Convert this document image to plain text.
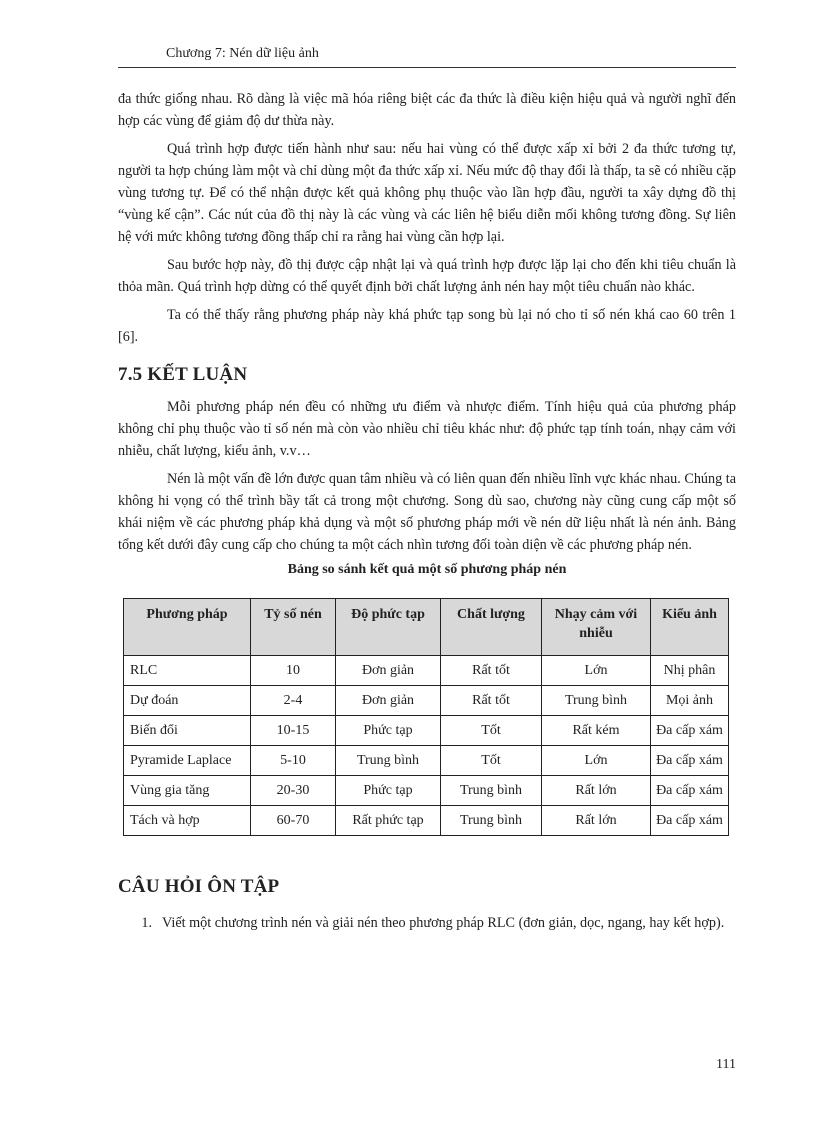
Chương 7: Nén dữ liệu ảnh

đa thức giống nhau. Rõ dàng là việc mã hóa riêng biệt các đa thức là điều kiện hiệu quả và người nghĩ đến hợp các vùng để giảm độ dư thừa này.

Quá trình hợp được tiến hành như sau: nếu hai vùng có thể được xấp xỉ bởi 2 đa thức tương tự, người ta hợp chúng làm một và chỉ dùng một đa thức xấp xỉ. Nếu mức độ thay đổi là thấp, ta sẽ có nhiều cặp vùng tương tự. Để có thể nhận được kết quả không phụ thuộc vào lần hợp đầu, người ta xây dựng đồ thị “vùng kế cận”. Các nút của đồ thị này là các vùng và các liên hệ biểu diễn mối không tương đồng. Sự liên hệ với mức không tương đồng thấp chỉ ra rằng hai vùng cần hợp lại.

Sau bước hợp này, đồ thị được cập nhật lại và quá trình hợp được lặp lại cho đến khi tiêu chuẩn là thỏa mãn. Quá trình hợp dừng có thể quyết định bởi chất lượng ảnh nén hay một tiêu chuẩn nào khác.

Ta có thể thấy rằng phương pháp này khá phức tạp song bù lại nó cho tỉ số nén khá cao 60 trên 1 [6].

7.5 KẾT LUẬN

Mỗi phương pháp nén đều có những ưu điểm và nhược điểm. Tính hiệu quả của phương pháp không chỉ phụ thuộc vào tỉ số nén mà còn vào nhiều chỉ tiêu khác như: độ phức tạp tính toán, nhạy cảm với nhiễu, chất lượng, kiểu ảnh, v.v…

Nén là một vấn đề lớn được quan tâm nhiều và có liên quan đến nhiều lĩnh vực khác nhau. Chúng ta không hi vọng có thể trình bầy tất cả trong một chương. Song dù sao, chương này cũng cung cấp một số khái niệm về các phương pháp khả dụng và một số phương pháp mới về nén dữ liệu nhất là nén ảnh. Bảng tổng kết dưới đây cung cấp cho chúng ta một cách nhìn tương đối toàn diện về các phương pháp nén.

Bảng so sánh kết quả một số phương pháp nén
Phương pháp	Tỷ số nén	Độ phức tạp	Chất lượng	Nhạy cảm với nhiễu	Kiểu ảnh
RLC	10	Đơn giản	Rất tốt	Lớn	Nhị phân
Dự đoán	2-4	Đơn giản	Rất tốt	Trung bình	Mọi ảnh
Biến đổi	10-15	Phức tạp	Tốt	Rất kém	Đa cấp xám
Pyramide Laplace	5-10	Trung bình	Tốt	Lớn	Đa cấp xám
Vùng gia tăng	20-30	Phức tạp	Trung bình	Rất lớn	Đa cấp xám
Tách và hợp	60-70	Rất phức tạp	Trung bình	Rất lớn	Đa cấp xám
CÂU HỎI ÔN TẬP
1. Viết một chương trình nén và giải nén theo phương pháp RLC (đơn giản, dọc, ngang, hay kết hợp).
111
